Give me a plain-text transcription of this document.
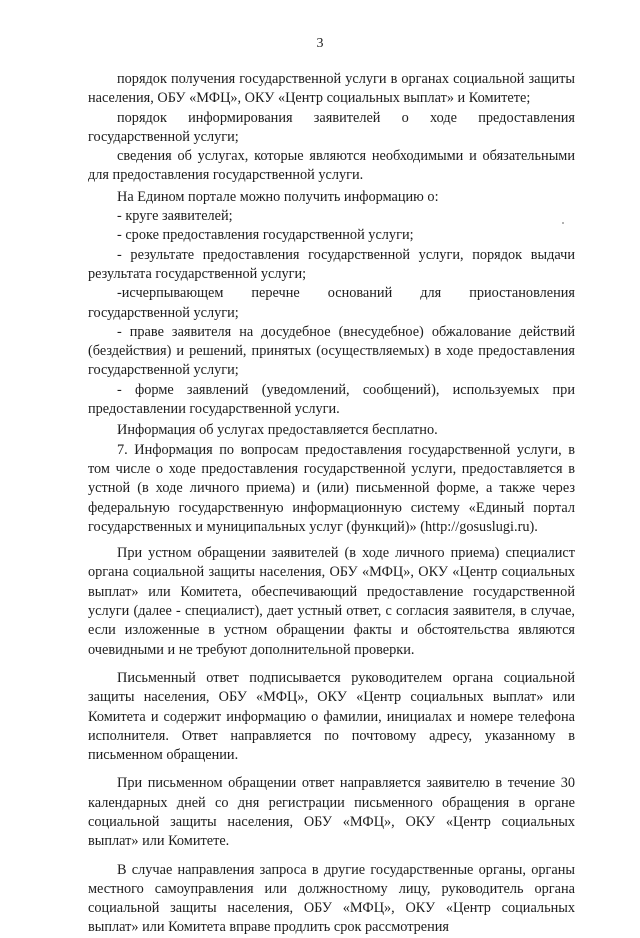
3

порядок получения государственной услуги в органах социальной защиты населения, ОБУ «МФЦ», ОКУ «Центр социальных выплат» и Комитете;

порядок информирования заявителей о ходе предоставления государственной услуги;

сведения об услугах, которые являются необходимыми и обязательными для предоставления государственной услуги.

На Едином портале можно получить информацию о:

- круге заявителей;

- сроке предоставления государственной услуги;

- результате предоставления государственной услуги, порядок выдачи результата государственной услуги;

-исчерпывающем перечне оснований для приостановления государственной услуги;

- праве заявителя на досудебное (внесудебное) обжалование действий (бездействия) и решений, принятых (осуществляемых) в ходе предоставления государственной услуги;

- форме заявлений (уведомлений, сообщений), используемых при предоставлении государственной услуги.

Информация об услугах предоставляется бесплатно.

7. Информация по вопросам предоставления государственной услуги, в том числе о ходе предоставления государственной услуги, предоставляется в устной (в ходе личного приема) и (или) письменной форме, а также через федеральную государственную информационную систему «Единый портал государственных и муниципальных услуг (функций)» (http://gosuslugi.ru).

При устном обращении заявителей (в ходе личного приема) специалист органа социальной защиты населения, ОБУ «МФЦ», ОКУ «Центр социальных выплат» или Комитета, обеспечивающий предоставление государственной услуги (далее - специалист), дает устный ответ, с согласия заявителя, в случае, если изложенные в устном обращении факты и обстоятельства являются очевидными и не требуют дополнительной проверки.

Письменный ответ подписывается руководителем органа социальной защиты населения, ОБУ «МФЦ», ОКУ «Центр социальных выплат» или Комитета и содержит информацию о фамилии, инициалах и номере телефона исполнителя. Ответ направляется по почтовому адресу, указанному в письменном обращении.

При письменном обращении ответ направляется заявителю в течение 30 календарных дней со дня регистрации письменного обращения в органе социальной защиты населения, ОБУ «МФЦ», ОКУ «Центр социальных выплат» или Комитете.

В случае направления запроса в другие государственные органы, органы местного самоуправления или должностному лицу, руководитель органа социальной защиты населения, ОБУ «МФЦ», ОКУ «Центр социальных выплат» или Комитета вправе продлить срок рассмотрения
